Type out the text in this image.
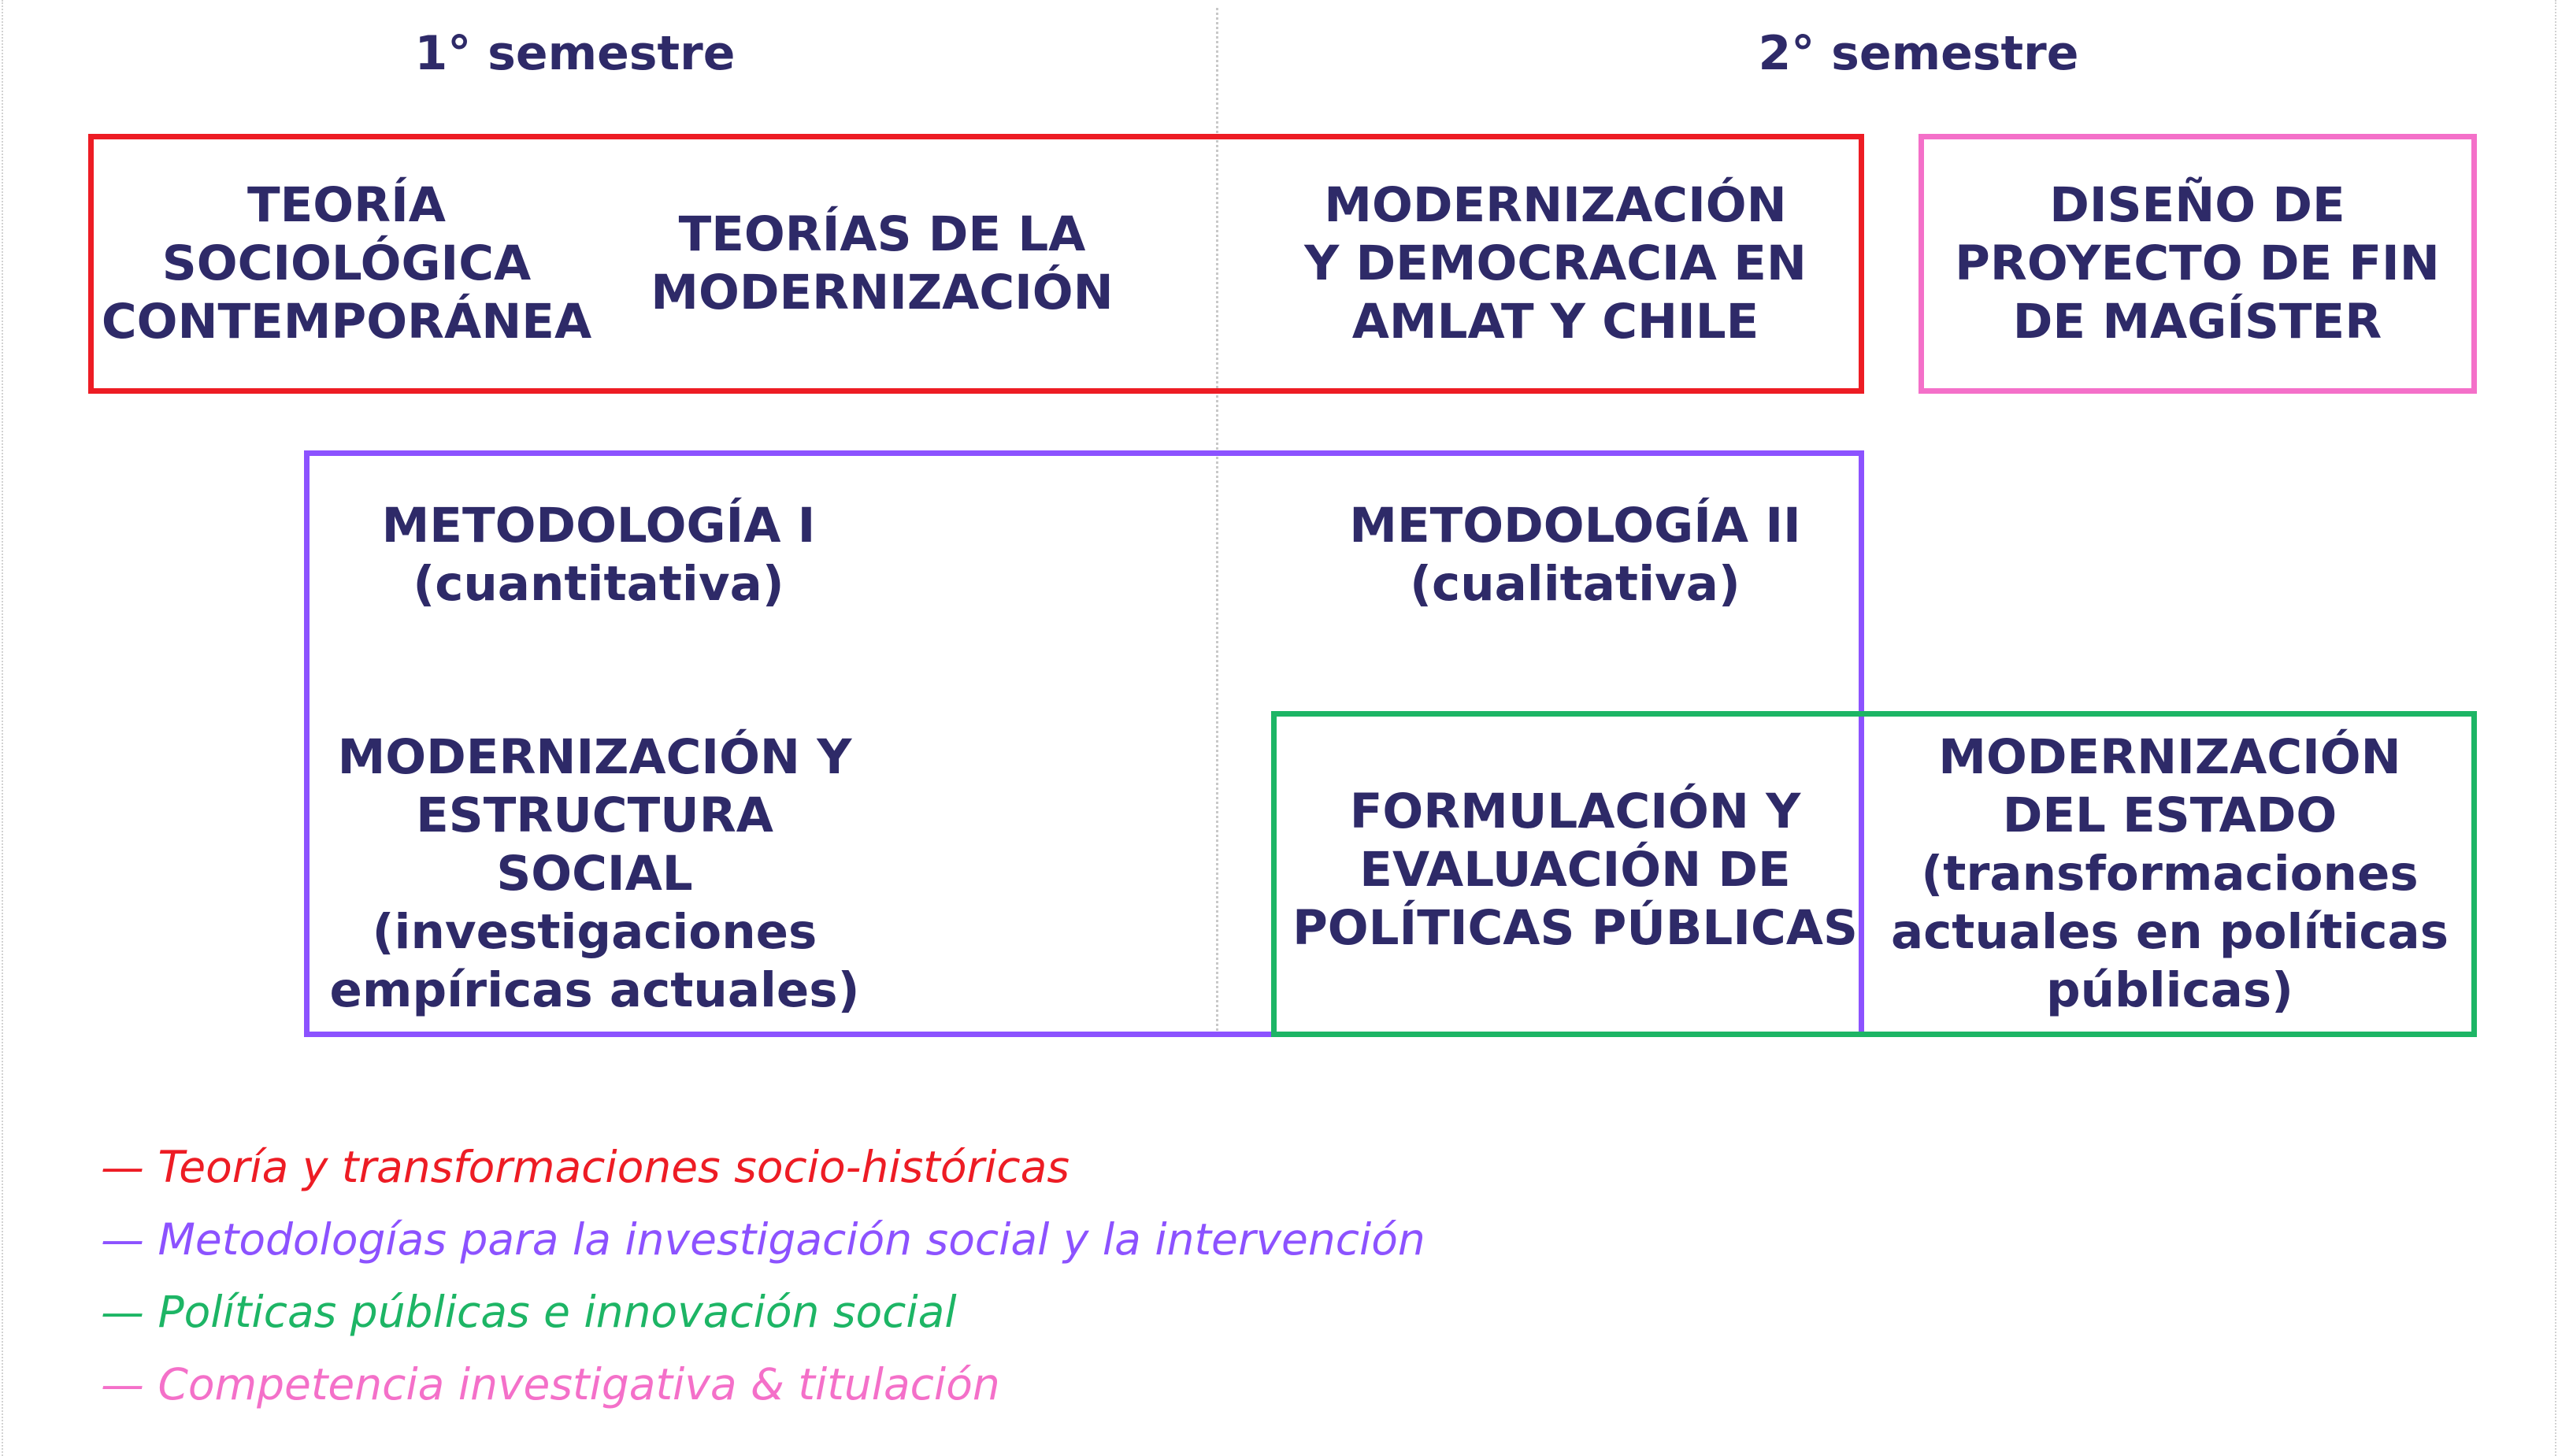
1° semestre	2° semestre
TEORÍA
SOCIOLÓGICA
CONTEMPORÁNEA
TEORÍAS DE LA
MODERNIZACIÓN
MODERNIZACIÓN
Y DEMOCRACIA EN
AMLAT Y CHILE
DISEÑO DE
PROYECTO DE FIN
DE MAGÍSTER
METODOLOGÍA I
(cuantitativa)
METODOLOGÍA II
(cualitativa)
MODERNIZACIÓN Y
ESTRUCTURA SOCIAL
(investigaciones
empíricas actuales)
FORMULACIÓN Y
EVALUACIÓN DE
POLÍTICAS PÚBLICAS
MODERNIZACIÓN
DEL ESTADO
(transformaciones
actuales en políticas
públicas)
— Teoría y transformaciones socio-históricas
— Metodologías para la investigación social y la intervención
— Políticas públicas e innovación social
— Competencia investigativa & titulación
